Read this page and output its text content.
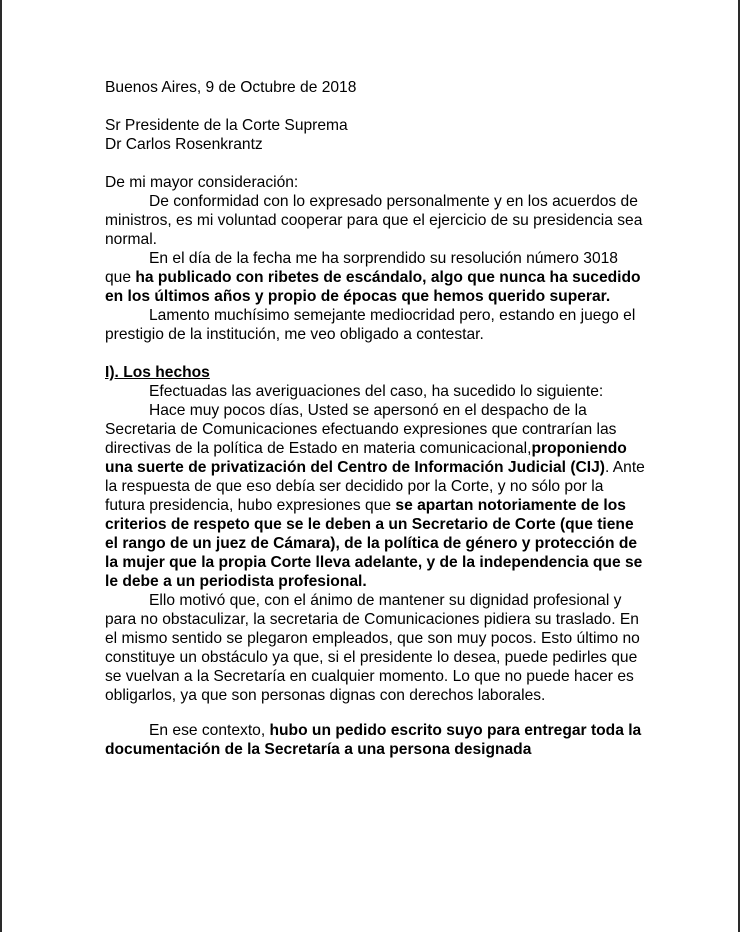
Buenos Aires, 9 de Octubre de 2018

Sr Presidente de la Corte Suprema

Dr Carlos Rosenkrantz

De mi mayor consideración:

De conformidad con lo expresado personalmente y en los acuerdos de ministros, es mi voluntad cooperar para que el ejercicio de su presidencia sea normal.

En el día de la fecha me ha sorprendido su resolución número 3018 que ha publicado con ribetes de escándalo, algo que nunca ha sucedido en los últimos años y propio de épocas que hemos querido superar.

Lamento muchísimo semejante mediocridad pero, estando en juego el prestigio de la institución, me veo obligado a contestar.

I). Los hechos

Efectuadas las averiguaciones del caso, ha sucedido lo siguiente:

Hace muy pocos días, Usted se apersonó en el despacho de la Secretaria de Comunicaciones efectuando expresiones que contrarían las directivas de la política de Estado en materia comunicacional,proponiendo una suerte de privatización del Centro de Información Judicial (CIJ). Ante la respuesta de que eso debía ser decidido por la Corte, y no sólo por la futura presidencia, hubo expresiones que se apartan notoriamente de los criterios de respeto que se le deben a un Secretario de Corte (que tiene el rango de un juez de Cámara), de la política de género y protección de la mujer que la propia Corte lleva adelante, y de la independencia que se le debe a un periodista profesional.

Ello motivó que, con el ánimo de mantener su dignidad profesional y para no obstaculizar, la secretaria de Comunicaciones pidiera su traslado. En el mismo sentido se plegaron empleados, que son muy pocos. Esto último no constituye un obstáculo ya que, si el presidente lo desea, puede pedirles que se vuelvan a la Secretaría en cualquier momento. Lo que no puede hacer es obligarlos, ya que son personas dignas con derechos laborales.

En ese contexto, hubo un pedido escrito suyo para entregar toda la documentación de la Secretaría a una persona designada
